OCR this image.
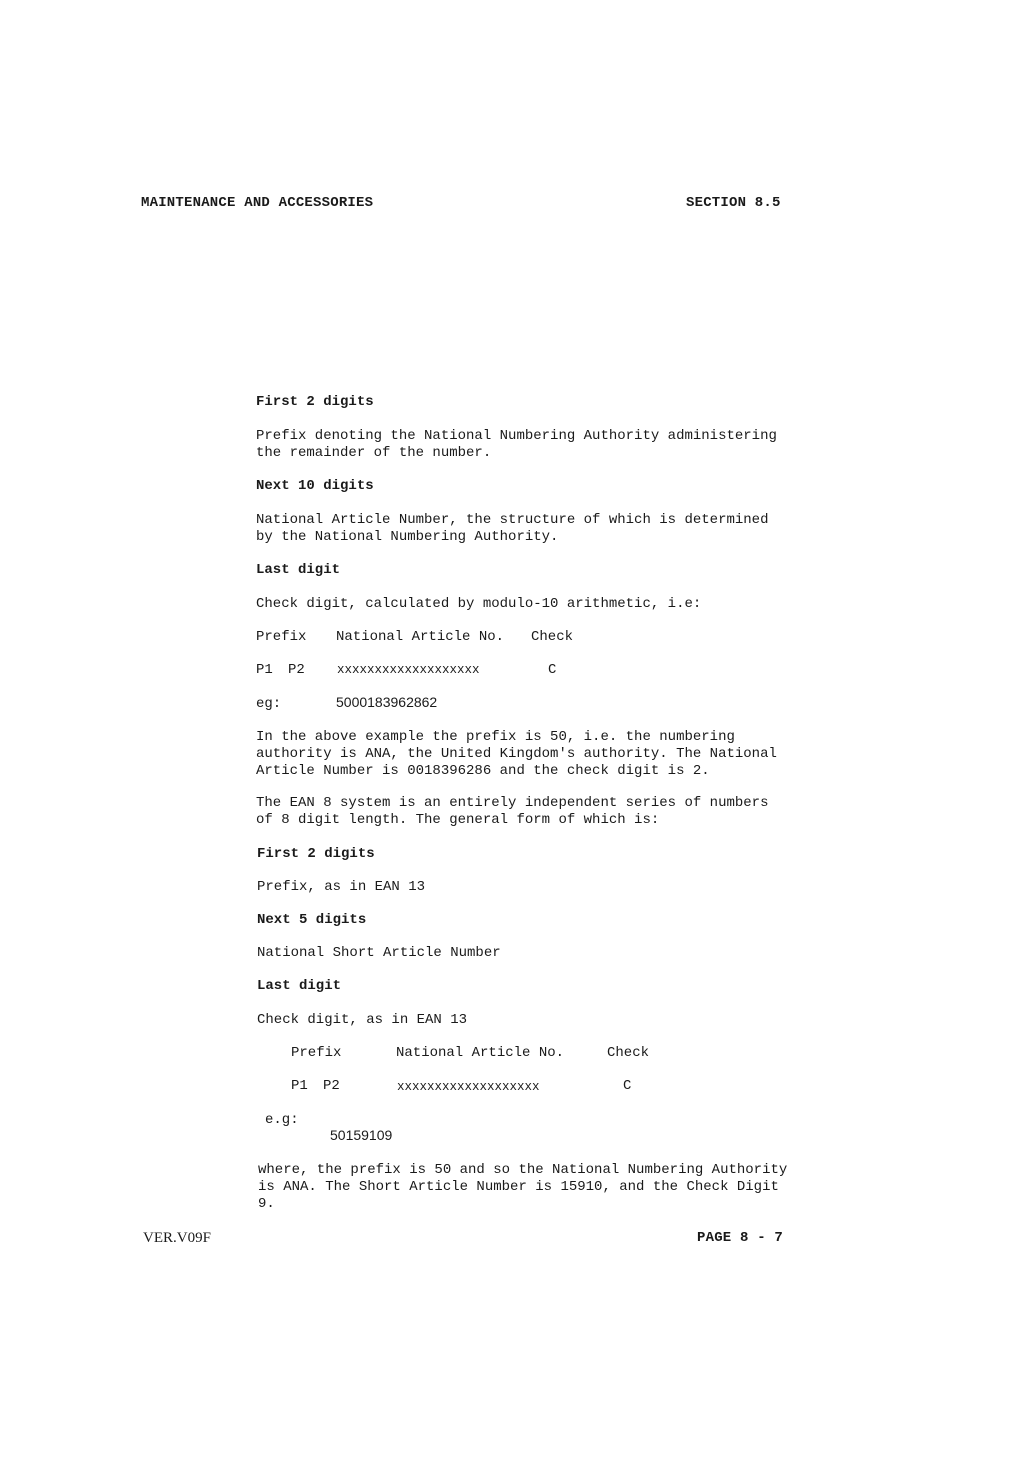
MAINTENANCE AND ACCESSORIES	SECTION 8.5
First 2 digits
Prefix denoting the National Numbering Authority administering the remainder of the number.
Next 10 digits
National Article Number, the structure of which is determined by the National Numbering Authority.
Last digit
Check digit, calculated by modulo-10 arithmetic, i.e:
Prefix National Article No. Check
P1 P2	xxxxxxxxxxxxxxxxxxx	C
eg:	5000183962862
In the above example the prefix is 50, i.e. the numbering authority is ANA, the United Kingdom's authority. The National Article Number is 0018396286 and the check digit is 2.
The EAN 8 system is an entirely independent series of numbers of 8 digit length. The general form of which is:
First 2 digits
Prefix, as in EAN 13
Next 5 digits
National Short Article Number
Last digit
Check digit, as in EAN 13
Prefix	National Article No.	Check
P1 P2	xxxxxxxxxxxxxxxxxxx	C
e.g:
50159109
where, the prefix is 50 and so the National Numbering Authority is ANA. The Short Article Number is 15910, and the Check Digit 9.
VER.V09F	PAGE 8 - 7
